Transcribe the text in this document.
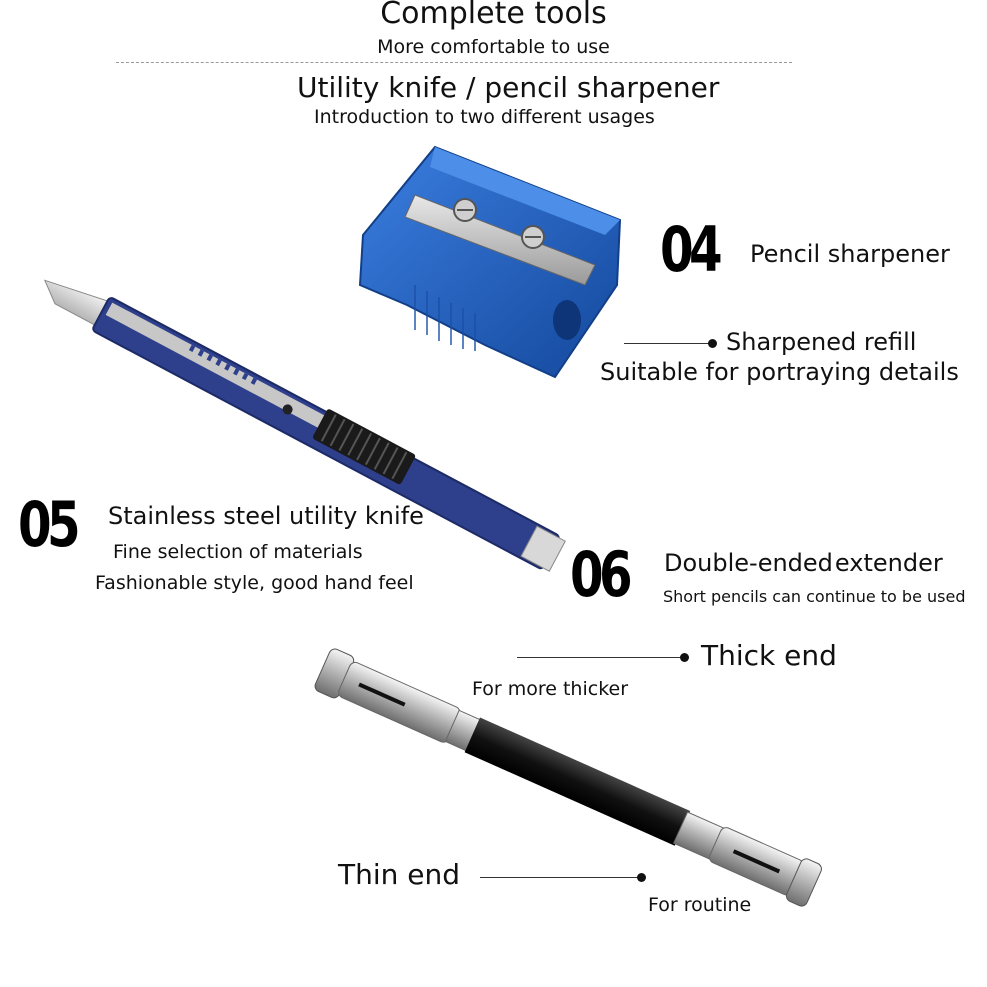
Complete tools
More comfortable to use
Utility knife / pencil sharpener
Introduction to two different usages
04 Pencil sharpener
Sharpened refill
Suitable for portraying details
05 Stainless steel utility knife
Fine selection of materials
Fashionable style, good hand feel	06 Double-endedextender
Short pencils can continue to be used
Thick end
For more thicker
Thin end
For routine
